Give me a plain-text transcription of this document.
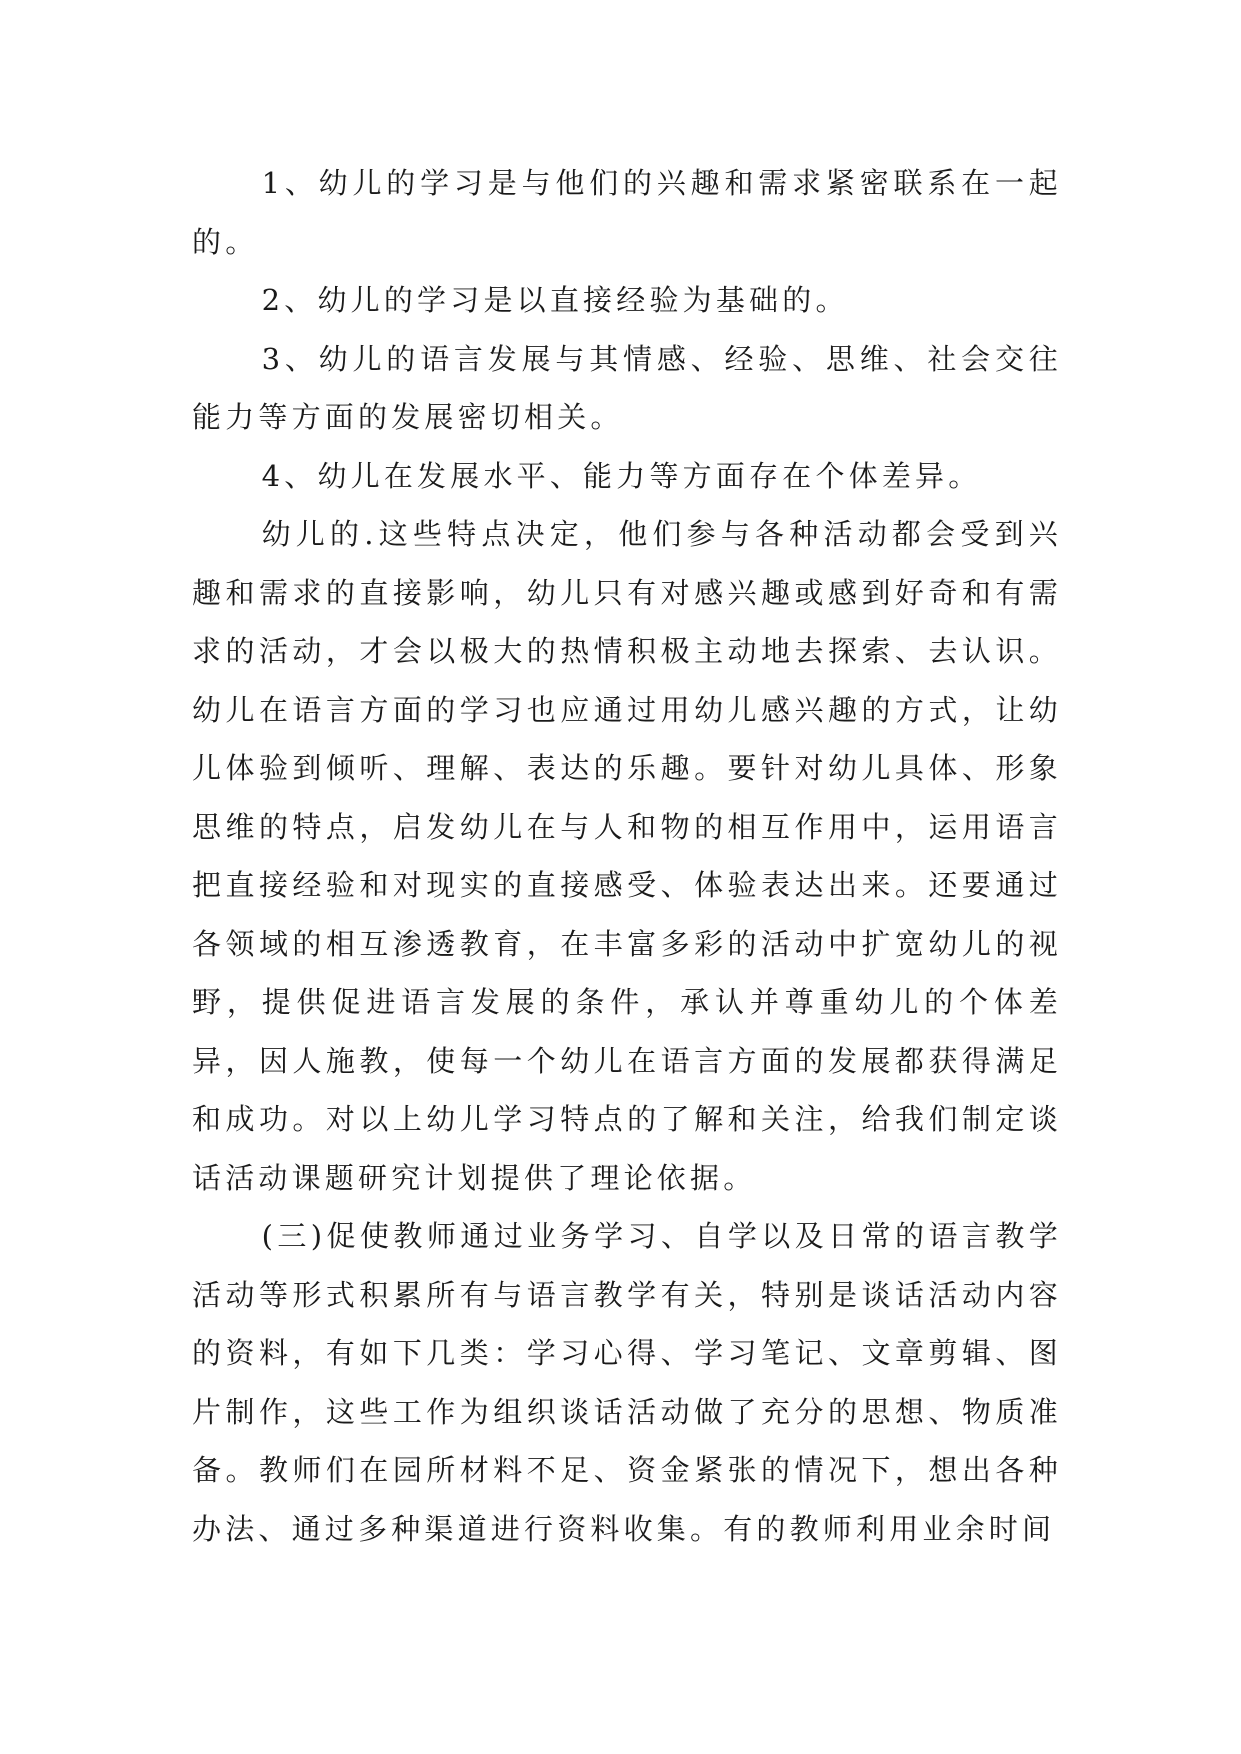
1、幼儿的学习是与他们的兴趣和需求紧密联系在一起的。

2、幼儿的学习是以直接经验为基础的。

3、幼儿的语言发展与其情感、经验、思维、社会交往能力等方面的发展密切相关。

4、幼儿在发展水平、能力等方面存在个体差异。

幼儿的.这些特点决定，他们参与各种活动都会受到兴趣和需求的直接影响，幼儿只有对感兴趣或感到好奇和有需求的活动，才会以极大的热情积极主动地去探索、去认识。幼儿在语言方面的学习也应通过用幼儿感兴趣的方式，让幼儿体验到倾听、理解、表达的乐趣。要针对幼儿具体、形象思维的特点，启发幼儿在与人和物的相互作用中，运用语言把直接经验和对现实的直接感受、体验表达出来。还要通过各领域的相互渗透教育，在丰富多彩的活动中扩宽幼儿的视野，提供促进语言发展的条件，承认并尊重幼儿的个体差异，因人施教，使每一个幼儿在语言方面的发展都获得满足和成功。对以上幼儿学习特点的了解和关注，给我们制定谈话活动课题研究计划提供了理论依据。

(三)促使教师通过业务学习、自学以及日常的语言教学活动等形式积累所有与语言教学有关，特别是谈话活动内容的资料，有如下几类：学习心得、学习笔记、文章剪辑、图片制作，这些工作为组织谈话活动做了充分的思想、物质准备。教师们在园所材料不足、资金紧张的情况下，想出各种办法、通过多种渠道进行资料收集。有的教师利用业余时间
